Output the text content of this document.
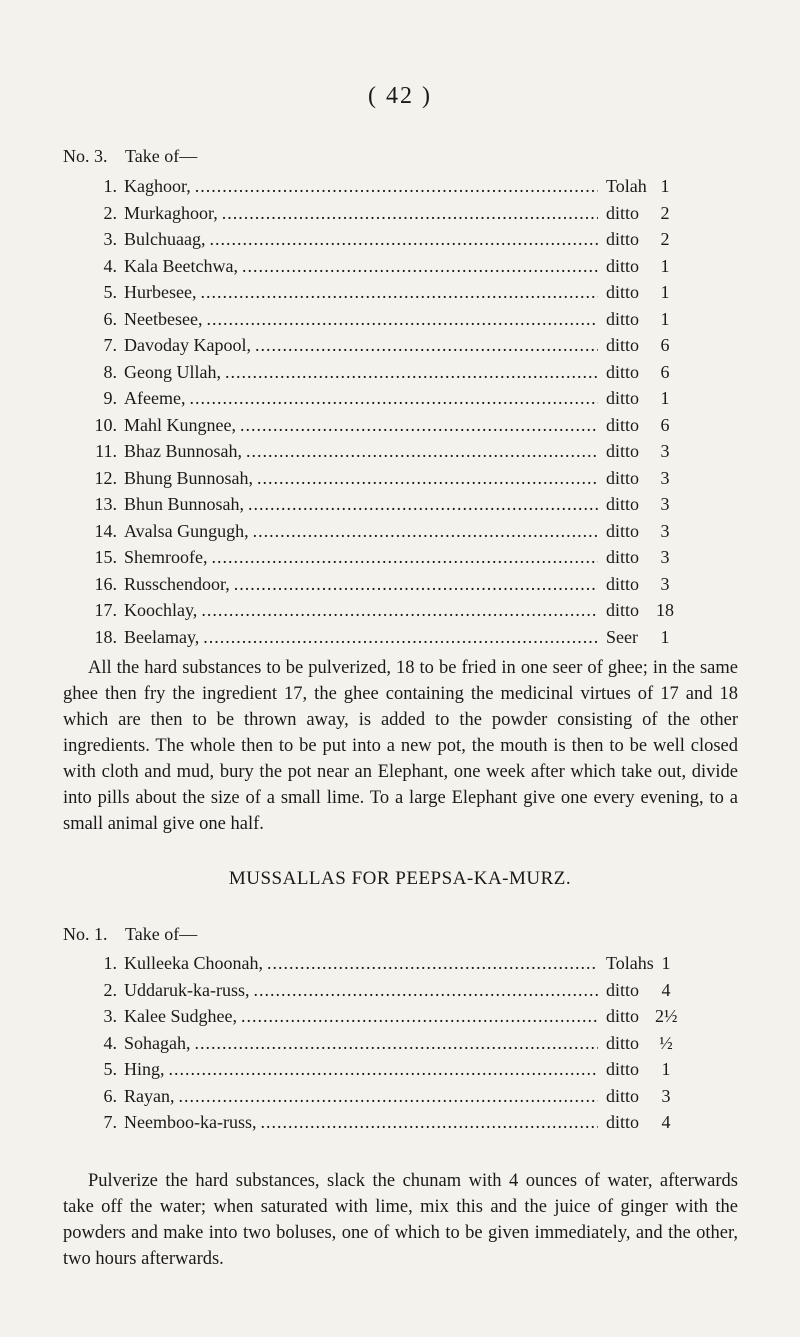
( 42 )
No. 3. Take of—
1. Kaghoor, .....	Tolah 1
2. Murkaghoor, .....	ditto	2
3. Bulchuaag, .....	ditto	2
4. Kala Beetchwa, .....	ditto	1
5. Hurbesee, .....	ditto	1
6. Neetbesee, .....	ditto	1
7. Davoday Kapool, .....	ditto	6
8. Geong Ullah, .....	ditto	6
9. Afeeme, .....	ditto	1
10. Mahl Kungnee, .....	ditto	6
11. Bhaz Bunnosah, .....	ditto	3
12. Bhung Bunnosah, .....	ditto	3
13. Bhun Bunnosah, .....	ditto	3
14. Avalsa Gungugh, .....	ditto	3
15. Shemroofe, .....	ditto	3
16. Russchendoor, .....	ditto	3
17. Koochlay, .....	ditto 18
18. Beelamay, .....	Seer	1
All the hard substances to be pulverized, 18 to be fried in one seer of ghee; in the same ghee then fry the ingredient 17, the ghee containing the medicinal virtues of 17 and 18 which are then to be thrown away, is added to the powder consisting of the other ingredients. The whole then to be put into a new pot, the mouth is then to be well closed with cloth and mud, bury the pot near an Elephant, one week after which take out, divide into pills about the size of a small lime. To a large Elephant give one every evening, to a small animal give one half.
MUSSALLAS FOR PEEPSA-KA-MURZ.
No. 1. Take of—
1. Kulleeka Choonah, .....	Tolahs 1
2. Uddaruk-ka-russ, .....	ditto	4
3. Kalee Sudghee, .....	ditto 2½
4. Sohagah, .....	ditto ½
5. Hing, .....	ditto	1
6. Rayan, .....	ditto	3
7. Neemboo-ka-russ, .....	ditto	4
Pulverize the hard substances, slack the chunam with 4 ounces of water, afterwards take off the water; when saturated with lime, mix this and the juice of ginger with the powders and make into two boluses, one of which to be given immediately, and the other, two hours afterwards.
